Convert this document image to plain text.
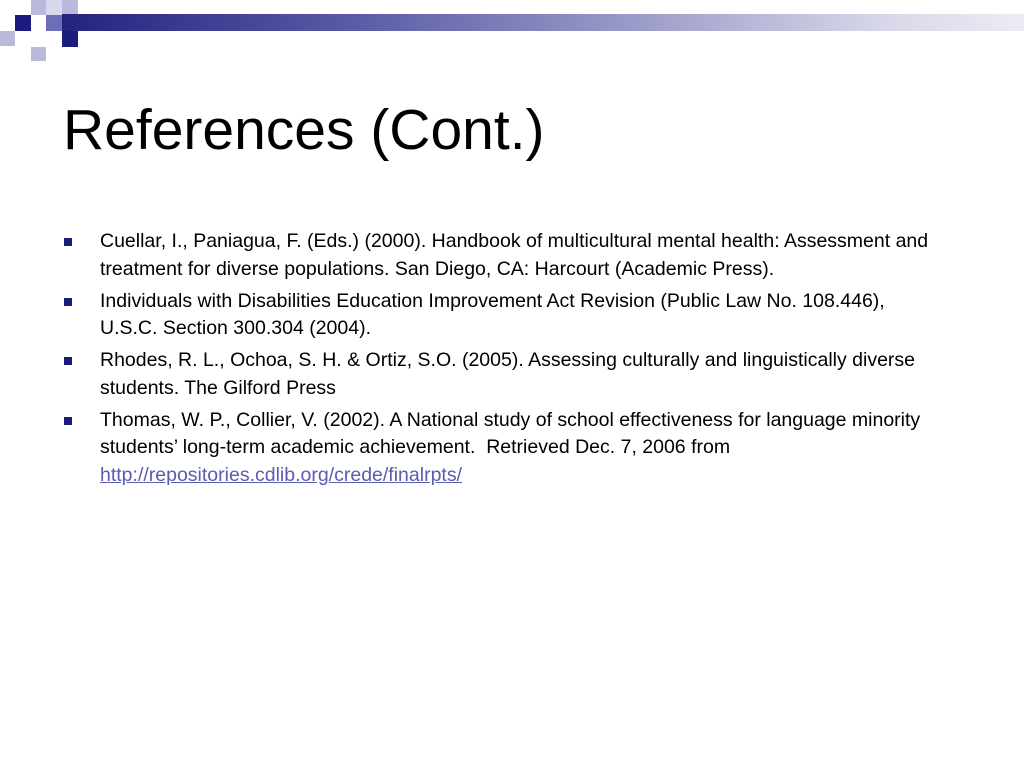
References (Cont.)
Cuellar, I., Paniagua, F. (Eds.) (2000). Handbook of multicultural mental health: Assessment and treatment for diverse populations. San Diego, CA: Harcourt (Academic Press).
Individuals with Disabilities Education Improvement Act Revision (Public Law No. 108.446), U.S.C. Section 300.304 (2004).
Rhodes, R. L., Ochoa, S. H. & Ortiz, S.O. (2005). Assessing culturally and linguistically diverse students. The Gilford Press
Thomas, W. P., Collier, V. (2002). A National study of school effectiveness for language minority students’ long-term academic achievement.  Retrieved Dec. 7, 2006 from http://repositories.cdlib.org/crede/finalrpts/
